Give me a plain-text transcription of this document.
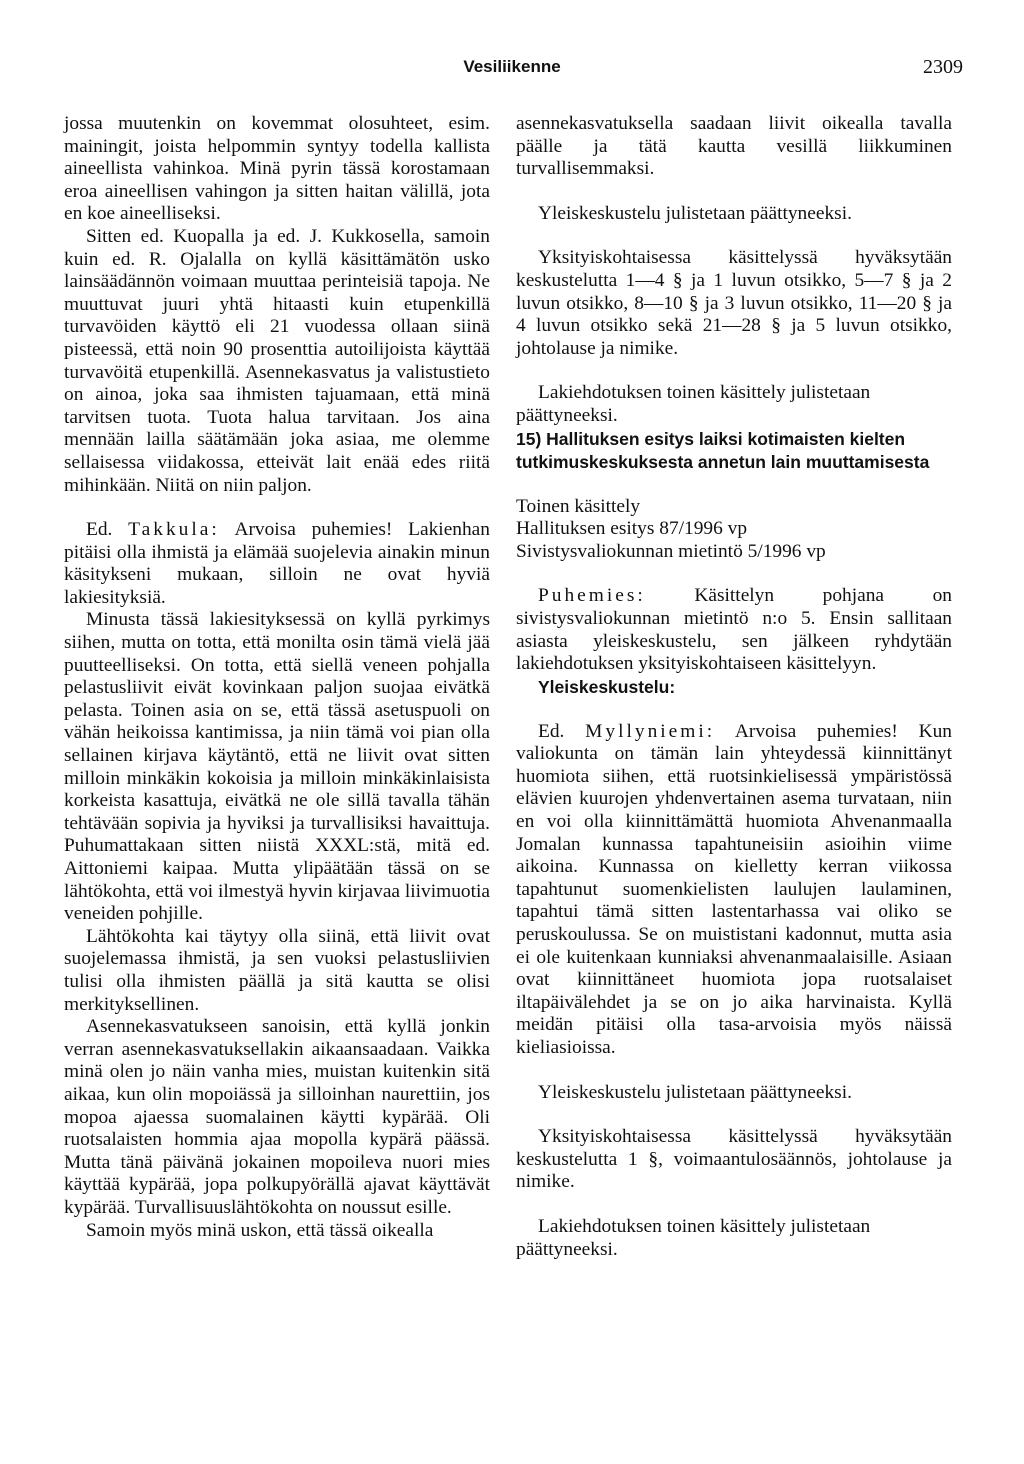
Vesiliikenne	2309

jossa muutenkin on kovemmat olosuhteet, esim. mainingit, joista helpommin syntyy todella kallista aineellista vahinkoa. Minä pyrin tässä korostamaan eroa aineellisen vahingon ja sitten haitan välillä, jota en koe aineelliseksi.

Sitten ed. Kuopalla ja ed. J. Kukkosella, samoin kuin ed. R. Ojalalla on kyllä käsittämätön usko lainsäädännön voimaan muuttaa perinteisiä tapoja. Ne muuttuvat juuri yhtä hitaasti kuin etupenkillä turvavöiden käyttö eli 21 vuodessa ollaan siinä pisteessä, että noin 90 prosenttia autoilijoista käyttää turvavöitä etupenkillä. Asennekasvatus ja valistustieto on ainoa, joka saa ihmisten tajuamaan, että minä tarvitsen tuota. Tuota halua tarvitaan. Jos aina mennään lailla säätämään joka asiaa, me olemme sellaisessa viidakossa, etteivät lait enää edes riitä mihinkään. Niitä on niin paljon.

Ed. Takkula: Arvoisa puhemies! Lakienhan pitäisi olla ihmistä ja elämää suojelevia ainakin minun käsitykseni mukaan, silloin ne ovat hyviä lakiesityksiä.

Minusta tässä lakiesityksessä on kyllä pyrkimys siihen, mutta on totta, että monilta osin tämä vielä jää puutteelliseksi. On totta, että siellä veneen pohjalla pelastusliivit eivät kovinkaan paljon suojaa eivätkä pelasta. Toinen asia on se, että tässä asetuspuoli on vähän heikoissa kantimissa, ja niin tämä voi pian olla sellainen kirjava käytäntö, että ne liivit ovat sitten milloin minkäkin kokoisia ja milloin minkäkinlaisista korkeista kasattuja, eivätkä ne ole sillä tavalla tähän tehtävään sopivia ja hyviksi ja turvallisiksi havaittuja. Puhumattakaan sitten niistä XXXL:stä, mitä ed. Aittoniemi kaipaa. Mutta ylipäätään tässä on se lähtökohta, että voi ilmestyä hyvin kirjavaa liivimuotia veneiden pohjille.

Lähtökohta kai täytyy olla siinä, että liivit ovat suojelemassa ihmistä, ja sen vuoksi pelastusliivien tulisi olla ihmisten päällä ja sitä kautta se olisi merkityksellinen.

Asennekasvatukseen sanoisin, että kyllä jonkin verran asennekasvatuksellakin aikaansaadaan. Vaikka minä olen jo näin vanha mies, muistan kuitenkin sitä aikaa, kun olin mopoiässä ja silloinhan naurettiin, jos mopoa ajaessa suomalainen käytti kypärää. Oli ruotsalaisten hommia ajaa mopolla kypärä päässä. Mutta tänä päivänä jokainen mopoileva nuori mies käyttää kypärää, jopa polkupyörällä ajavat käyttävät kypärää. Turvallisuuslähtökohta on noussut esille.

Samoin myös minä uskon, että tässä oikealla

asennekasvatuksella saadaan liivit oikealla tavalla päälle ja tätä kautta vesillä liikkuminen turvallisemmaksi.

Yleiskeskustelu julistetaan päättyneeksi.

Yksityiskohtaisessa käsittelyssä hyväksytään keskustelutta 1—4 § ja 1 luvun otsikko, 5—7 § ja 2 luvun otsikko, 8—10 § ja 3 luvun otsikko, 11—20 § ja 4 luvun otsikko sekä 21—28 § ja 5 luvun otsikko, johtolause ja nimike.

Lakiehdotuksen toinen käsittely julistetaan päättyneeksi.

15) Hallituksen esitys laiksi kotimaisten kielten tutkimuskeskuksesta annetun lain muuttamisesta

Toinen käsittely

Hallituksen esitys 87/1996 vp

Sivistysvaliokunnan mietintö 5/1996 vp

Puhemies:	Käsittelyn pohjana on sivistysvaliokunnan mietintö n:o 5. Ensin sallitaan asiasta yleiskeskustelu, sen jälkeen ryhdytään lakiehdotuksen yksityiskohtaiseen käsittelyyn.

Yleiskeskustelu:

Ed. Myllyniemi: Arvoisa puhemies! Kun valiokunta on tämän lain yhteydessä kiinnittänyt huomiota siihen, että ruotsinkielisessä ympäristössä elävien kuurojen yhdenvertainen asema turvataan, niin en voi olla kiinnittämättä huomiota Ahvenanmaalla Jomalan kunnassa tapahtuneisiin asioihin viime aikoina. Kunnassa on kielletty kerran viikossa tapahtunut suomenkielisten laulujen laulaminen, tapahtui tämä sitten lastentarhassa vai oliko se peruskoulussa. Se on muististani kadonnut, mutta asia ei ole kuitenkaan kunniaksi ahvenanmaalaisille. Asiaan ovat kiinnittäneet huomiota jopa ruotsalaiset iltapäivälehdet ja se on jo aika harvinaista. Kyllä meidän pitäisi olla tasa-arvoisia myös näissä kieliasioissa.

Yleiskeskustelu julistetaan päättyneeksi.

Yksityiskohtaisessa käsittelyssä hyväksytään keskustelutta 1 §, voimaantulosäännös, johtolause ja nimike.

Lakiehdotuksen toinen käsittely julistetaan päättyneeksi.
